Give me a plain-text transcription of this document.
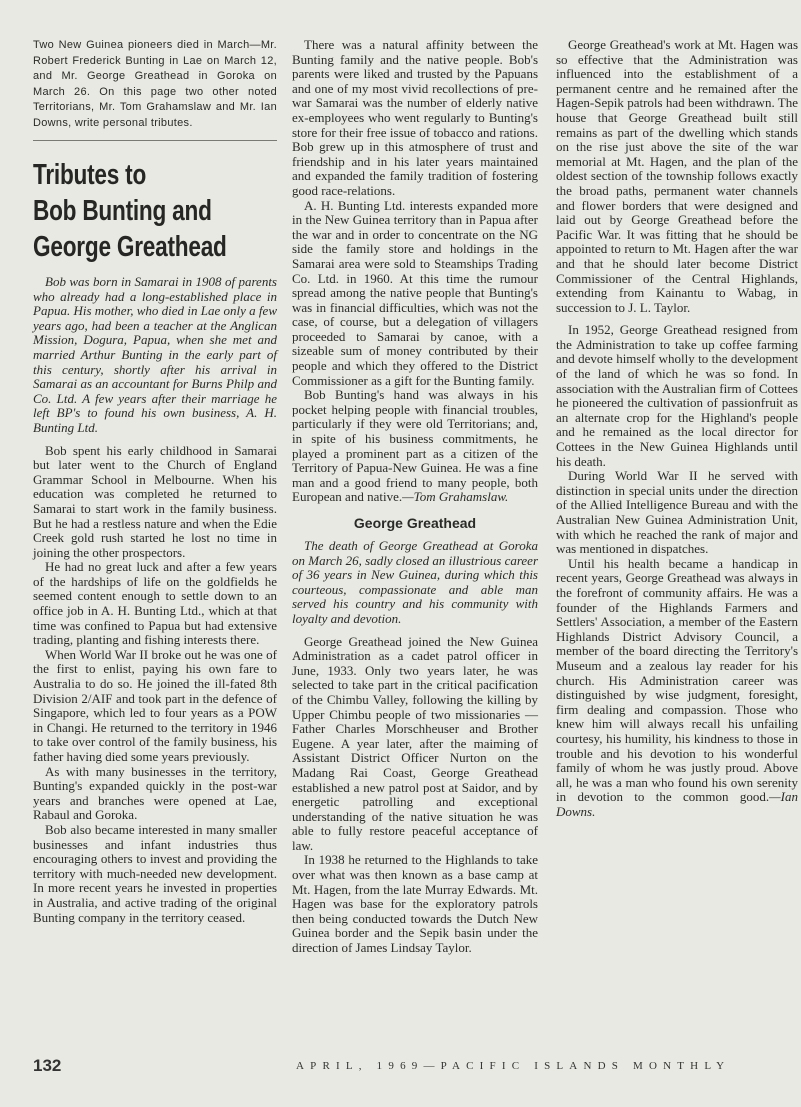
Two New Guinea pioneers died in March—Mr. Robert Frederick Bunting in Lae on March 12, and Mr. George Greathead in Goroka on March 26. On this page two other noted Territorians, Mr. Tom Grahamslaw and Mr. Ian Downs, write personal tributes.

Tributes to
Bob Bunting and
George Greathead

Bob was born in Samarai in 1908 of parents who already had a long-established place in Papua. His mother, who died in Lae only a few years ago, had been a teacher at the Anglican Mission, Dogura, Papua, when she met and married Arthur Bunting in the early part of this century, shortly after his arrival in Samarai as an accountant for Burns Philp and Co. Ltd. A few years after their marriage he left BP's to found his own business, A. H. Bunting Ltd.

Bob spent his early childhood in Samarai but later went to the Church of England Grammar School in Melbourne. When his education was completed he returned to Samarai to start work in the family business. But he had a restless nature and when the Edie Creek gold rush started he lost no time in joining the other prospectors.

He had no great luck and after a few years of the hardships of life on the goldfields he seemed content enough to settle down to an office job in A. H. Bunting Ltd., which at that time was confined to Papua but had extensive trading, planting and fishing interests there.

When World War II broke out he was one of the first to enlist, paying his own fare to Australia to do so. He joined the ill-fated 8th Division 2/AIF and took part in the defence of Singapore, which led to four years as a POW in Changi. He returned to the territory in 1946 to take over control of the family business, his father having died some years previously.

As with many businesses in the territory, Bunting's expanded quickly in the post-war years and branches were opened at Lae, Rabaul and Goroka.

Bob also became interested in many smaller businesses and infant industries thus encouraging others to invest and providing the territory with much-needed new development. In more recent years he invested in properties in Australia, and active trading of the original Bunting company in the territory ceased.

There was a natural affinity between the Bunting family and the native people. Bob's parents were liked and trusted by the Papuans and one of my most vivid recollections of pre-war Samarai was the number of elderly native ex-employees who went regularly to Bunting's store for their free issue of tobacco and rations. Bob grew up in this atmosphere of trust and friendship and in his later years maintained and expanded the family tradition of fostering good race-relations.

A. H. Bunting Ltd. interests expanded more in the New Guinea territory than in Papua after the war and in order to concentrate on the NG side the family store and holdings in the Samarai area were sold to Steamships Trading Co. Ltd. in 1960. At this time the rumour spread among the native people that Bunting's was in financial difficulties, which was not the case, of course, but a delegation of villagers proceeded to Samarai by canoe, with a sizeable sum of money contributed by their people and which they offered to the District Commissioner as a gift for the Bunting family.

Bob Bunting's hand was always in his pocket helping people with financial troubles, particularly if they were old Territorians; and, in spite of his business commitments, he played a prominent part as a citizen of the Territory of Papua-New Guinea. He was a fine man and a good friend to many people, both European and native.—Tom Grahamslaw.

George Greathead

The death of George Greathead at Goroka on March 26, sadly closed an illustrious career of 36 years in New Guinea, during which this courteous, compassionate and able man served his country and his community with loyalty and devotion.

George Greathead joined the New Guinea Administration as a cadet patrol officer in June, 1933. Only two years later, he was selected to take part in the critical pacification of the Chimbu Valley, following the killing by Upper Chimbu people of two missionaries — Father Charles Morschheuser and Brother Eugene. A year later, after the maiming of Assistant District Officer Nurton on the Madang Rai Coast, George Greathead established a new patrol post at Saidor, and by energetic patrolling and exceptional understanding of the native situation he was able to fully restore peaceful acceptance of law.

In 1938 he returned to the Highlands to take over what was then known as a base camp at Mt. Hagen, from the late Murray Edwards. Mt. Hagen was base for the exploratory patrols then being conducted towards the Dutch New Guinea border and the Sepik basin under the direction of James Lindsay Taylor.

George Greathead's work at Mt. Hagen was so effective that the Administration was influenced into the establishment of a permanent centre and he remained after the Hagen-Sepik patrols had been withdrawn. The house that George Greathead built still remains as part of the dwelling which stands on the rise just above the site of the war memorial at Mt. Hagen, and the plan of the oldest section of the township follows exactly the broad paths, permanent water channels and flower borders that were designed and laid out by George Greathead before the Pacific War. It was fitting that he should be appointed to return to Mt. Hagen after the war and that he should later become District Commissioner of the Central Highlands, extending from Kainantu to Wabag, in succession to J. L. Taylor.

In 1952, George Greathead resigned from the Administration to take up coffee farming and devote himself wholly to the development of the land of which he was so fond. In association with the Australian firm of Cottees he pioneered the cultivation of passionfruit as an alternate crop for the Highland's people and he remained as the local director for Cottees in the New Guinea Highlands until his death.

During World War II he served with distinction in special units under the direction of the Allied Intelligence Bureau and with the Australian New Guinea Administration Unit, with which he reached the rank of major and was mentioned in dispatches.

Until his health became a handicap in recent years, George Greathead was always in the forefront of community affairs. He was a founder of the Highlands Farmers and Settlers' Association, a member of the Eastern Highlands District Advisory Council, a member of the board directing the Territory's Museum and a zealous lay reader for his church. His Administration career was distinguished by wise judgment, foresight, firm dealing and compassion. Those who knew him will always recall his unfailing courtesy, his humility, his kindness to those in trouble and his devotion to his wonderful family of whom he was justly proud. Above all, he was a man who found his own serenity in devotion to the common good.—Ian Downs.

132	APRIL, 1969—PACIFIC ISLANDS MONTHLY
